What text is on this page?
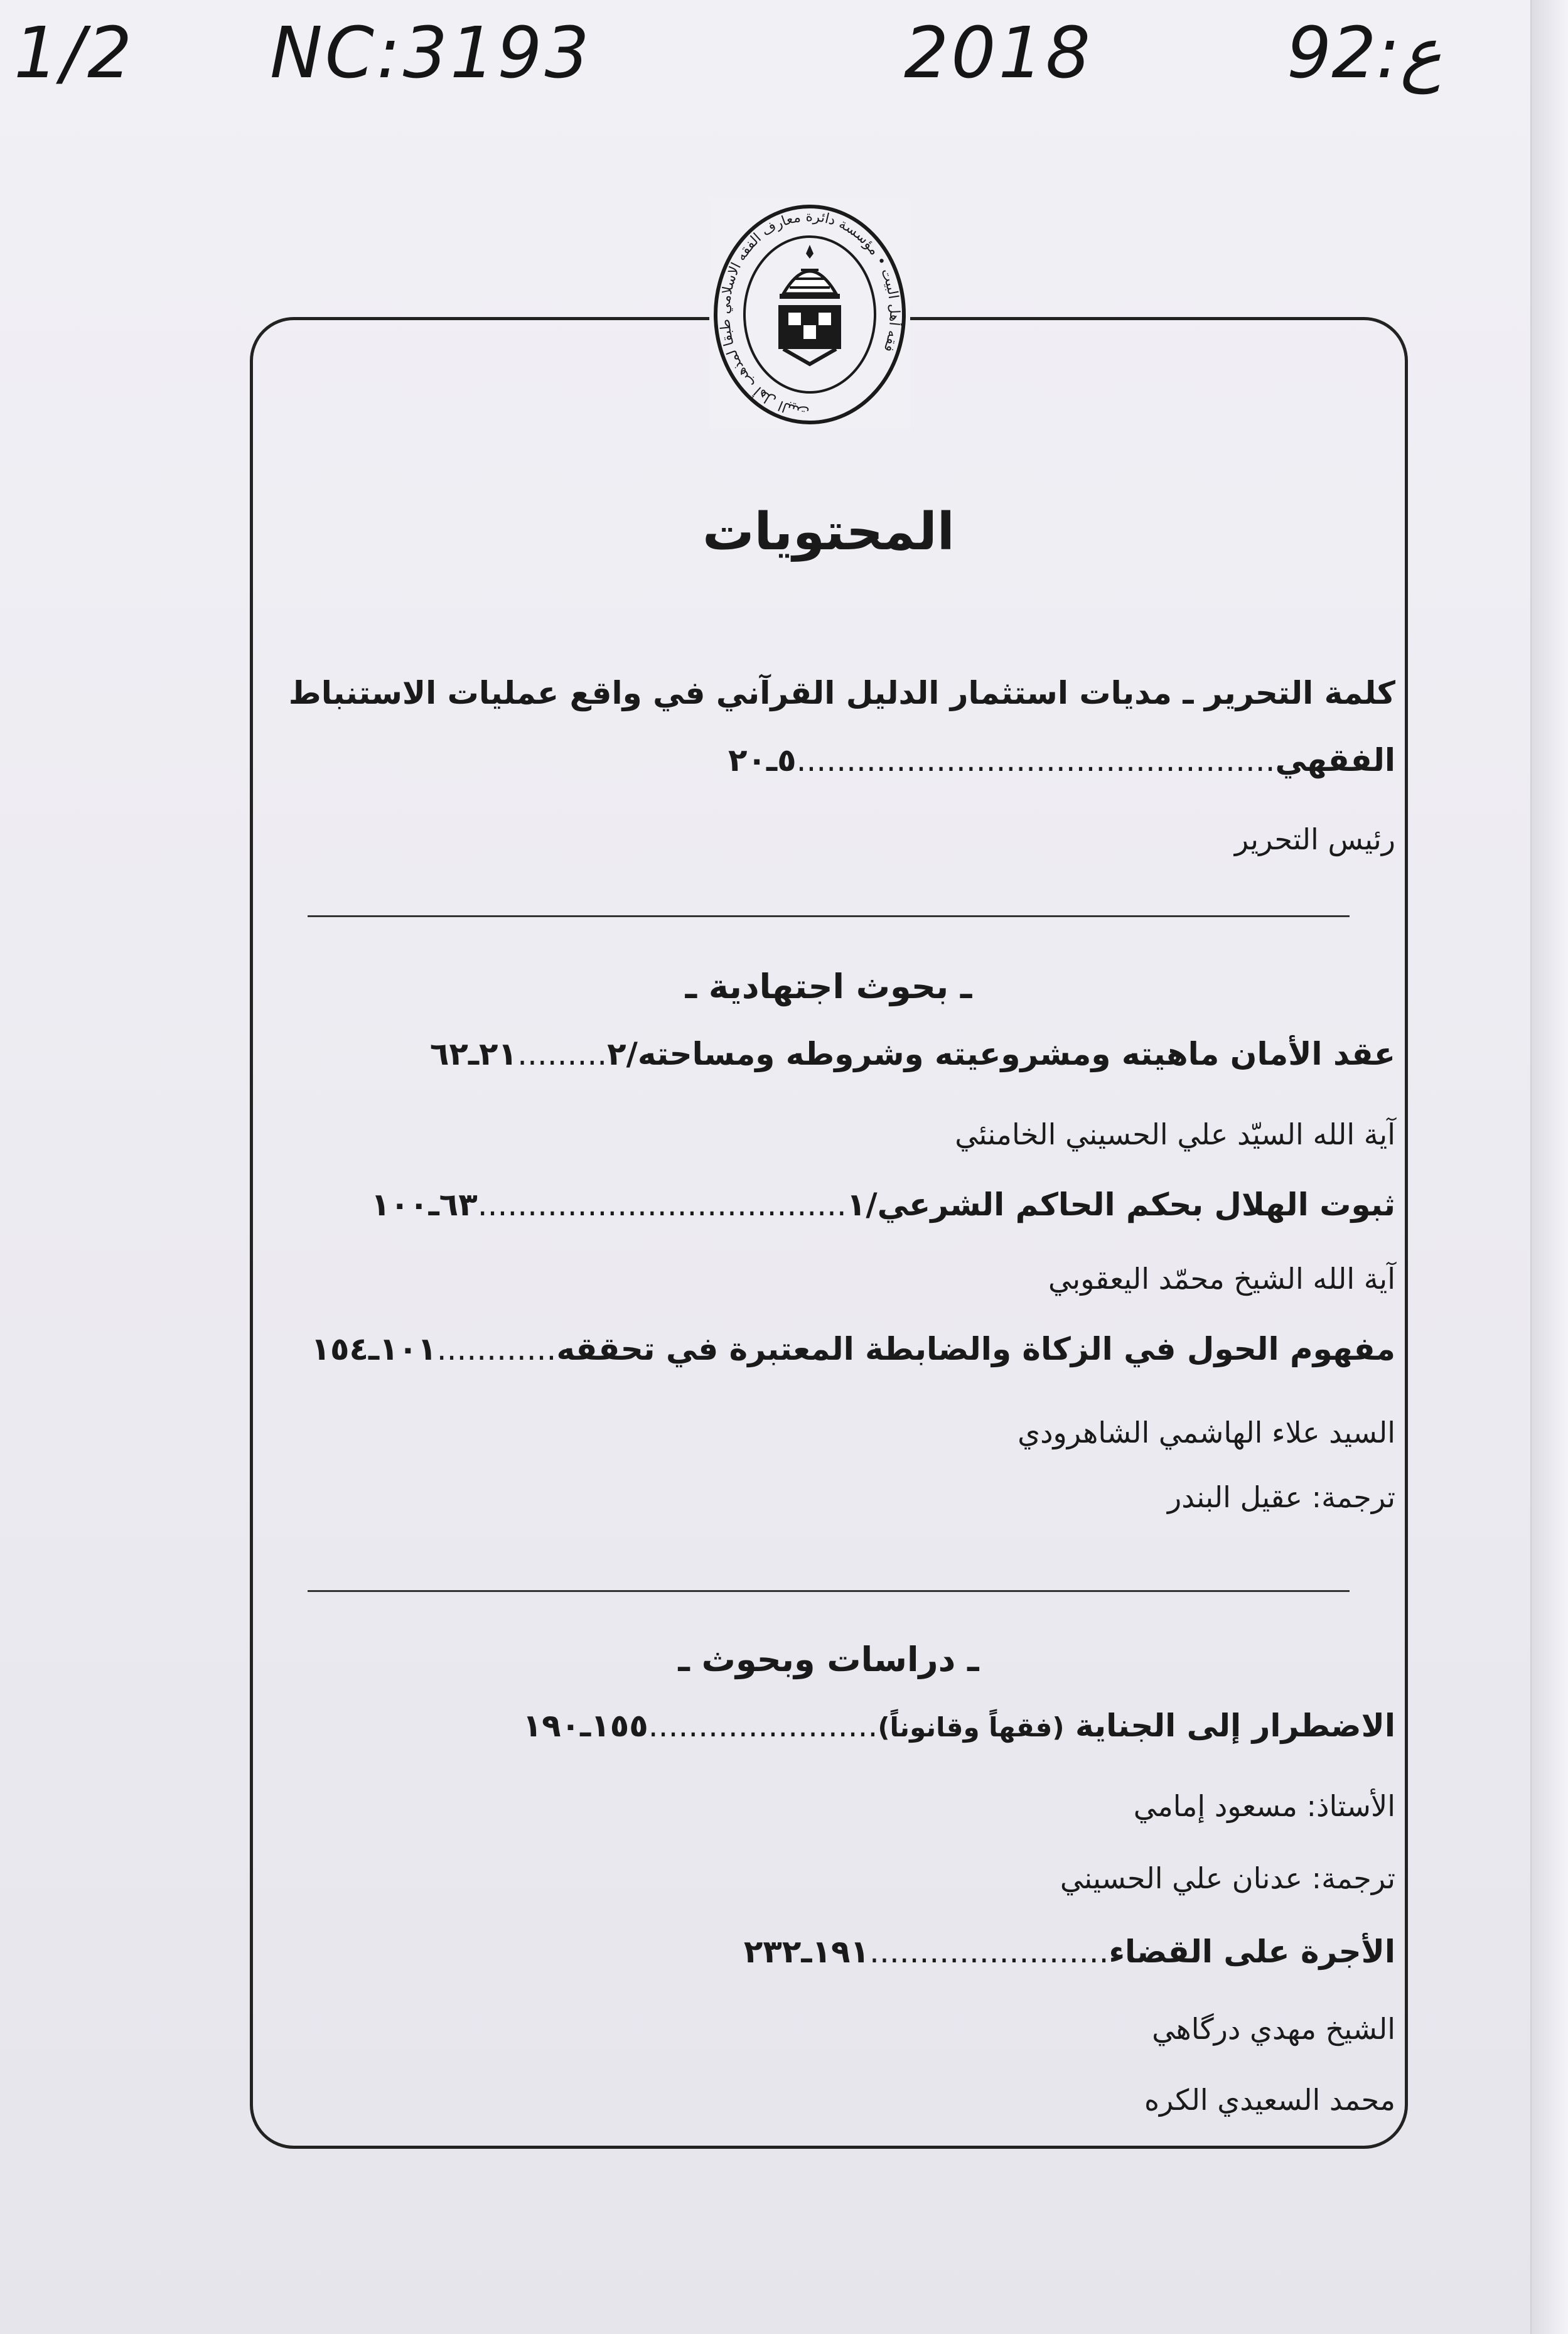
1/2 NC:3193	2018	92:ع
فقه أهل البيت • مؤسسة دائرة معارف الفقه الاسلامي طبقا لمذهب أهل البيت
المحتويات
كلمة التحرير ـ مديات استثمار الدليل القرآني في واقع عمليات الاستنباط
الفقهي................................................٥ـ٢٠
رئيس التحرير
ـ بحوث اجتهادية ـ
عقد الأمان ماهيته ومشروعيته وشروطه ومساحته/٢.........٢١ـ٦٢
آية الله السيّد علي الحسيني الخامنئي
ثبوت الهلال بحكم الحاكم الشرعي/١.....................................٦٣ـ١٠٠
آية الله الشيخ محمّد اليعقوبي
مفهوم الحول في الزكاة والضابطة المعتبرة في تحققه............١٠١ـ١٥٤
السيد علاء الهاشمي الشاهرودي
ترجمة: عقيل البندر
ـ دراسات وبحوث ـ
الاضطرار إلى الجناية (فقهاً وقانوناً).......................١٥٥ـ١٩٠
الأستاذ: مسعود إمامي
ترجمة: عدنان علي الحسيني
الأجرة على القضاء........................١٩١ـ٢٣٢
الشيخ مهدي درگاهي
محمد السعيدي الكره
